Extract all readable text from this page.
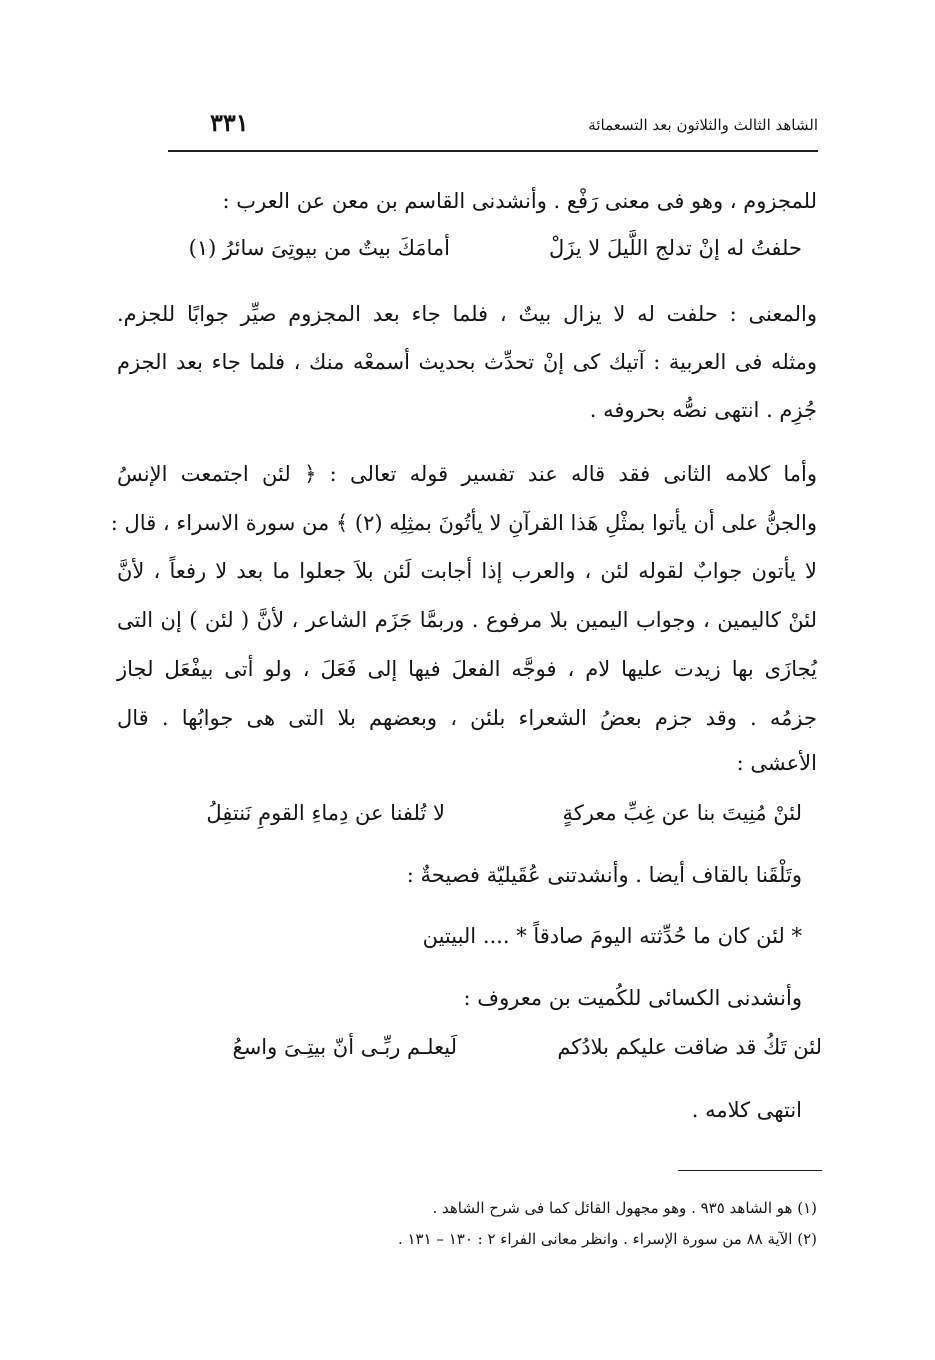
الشاهد الثالث والثلاثون بعد التسعمائة
٣٣١
للمجزوم ، وهو فى معنى رَفْع . وأنشدنى القاسم بن معن عن العرب :
حلفتُ له إنْ تدلج اللَّيلَ لا يزَلْ
أمامَكَ بيتٌ من بيوتِىَ سائرُ (١)
والمعنى : حلفت له لا يزال بيتٌ ، فلما جاء بعد المجزوم صيِّر جوابًا للجزم.
ومثله فى العربية : آتيك كى إنْ تحدِّث بحديث أسمعْه منك ، فلما جاء بعد الجزم
جُزِم . انتهى نصُّه بحروفه .
وأما كلامه الثانى فقد قاله عند تفسير قوله تعالى : ﴿ لئن اجتمعت الإنسُ
والجنُّ على أن يأتوا بمثْلِ هَذا القرآنِ لا يأتُونَ بمثِلِه (٢) ﴾ من سورة الاسراء ، قال :
لا يأتون جوابٌ لقوله لئن ، والعرب إذا أجابت لَئن بلاَ جعلوا ما بعد لا رفعاً ، لأنَّ
لئنْ كاليمين ، وجواب اليمين بلا مرفوع . وربمَّا جَزَم الشاعر ، لأنَّ ( لئن ) إن التى
يُجازَى بها زيدت عليها لام ، فوجَّه الفعلَ فيها إلى فَعَلَ ، ولو أتى بيفْعَل لجاز
جزمُه . وقد جزم بعضُ الشعراء بلئن ، وبعضهم بلا التى هى جوابُها . قال
الأعشى :
لئنْ مُنِيتَ بنا عن غِبِّ معركةٍ
لا تُلفنا عن دِماءِ القومِ نَنتفِلُ
وتَلْقَنا بالقاف أيضا . وأنشدتنى عُقَيليّة فصيحةٌ :
* لئن كان ما حُدِّثته اليومَ صادقاً * .... البيتين
وأنشدنى الكسائى للكُميت بن معروف :
لئن تَكُ قد ضاقت عليكم بلادُكم
لَيعلـم ربِّـى أنّ بيتِـىَ واسعُ
انتهى كلامه .
(١) هو الشاهد ٩٣٥ . وهو مجهول القائل كما فى شرح الشاهد .
(٢) الآية ٨٨ من سورة الإسراء . وانظر معانى الفراء ٢ : ١٣٠ – ١٣١ .
